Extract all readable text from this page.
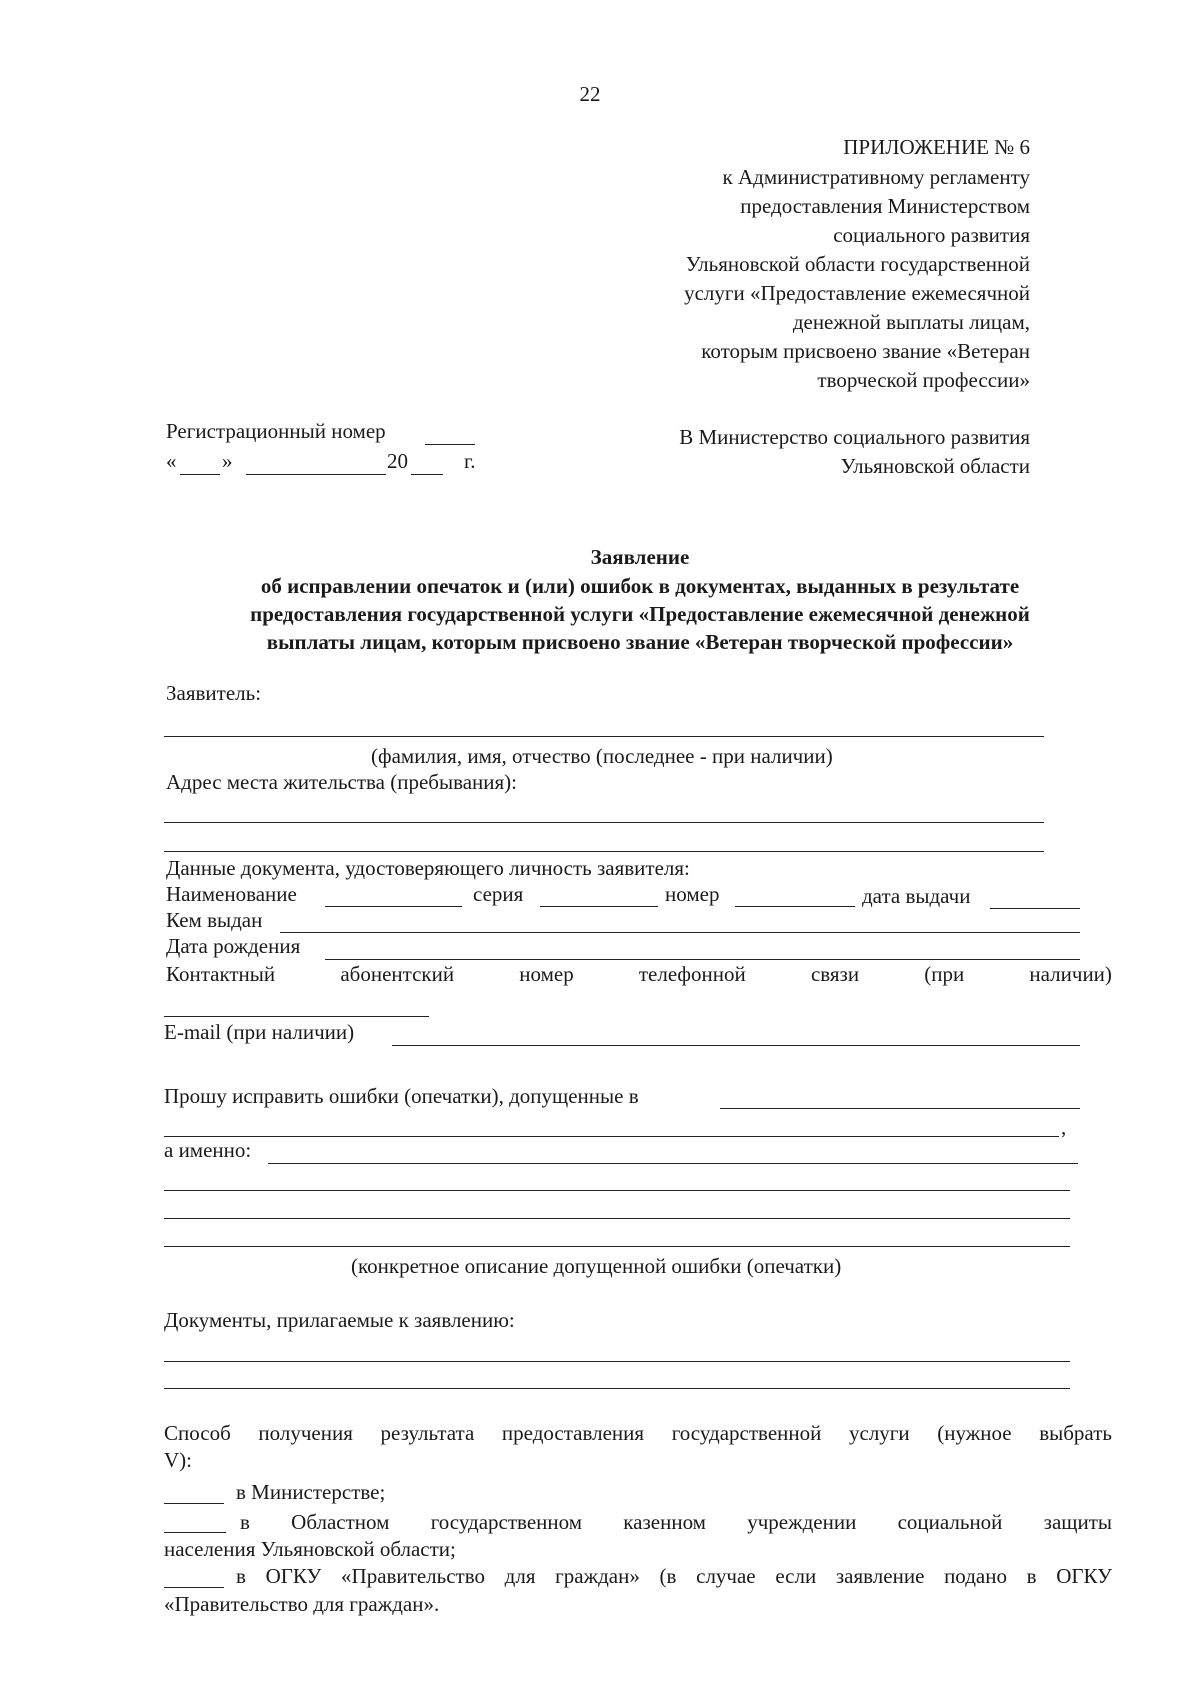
22
ПРИЛОЖЕНИЕ № 6
к Административному регламенту
предоставления Министерством
социального развития
Ульяновской области государственной
услуги «Предоставление ежемесячной
денежной выплаты лицам,
которым присвоено звание «Ветеран
творческой профессии»
Регистрационный номер
« »	20	г.
В Министерство социального развития
Ульяновской области
Заявление
об исправлении опечаток и (или) ошибок в документах, выданных в результате
предоставления государственной услуги «Предоставление ежемесячной денежной
выплаты лицам, которым присвоено звание «Ветеран творческой профессии»
Заявитель:
(фамилия, имя, отчество (последнее - при наличии)
Адрес места жительства (пребывания):
Данные документа, удостоверяющего личность заявителя:
Наименование	серия	номер	дата выдачи
Кем выдан
Дата рождения
Контактный	абонентский	номер	телефонной	связи	(при	наличии)
E-mail (при наличии)
Прошу исправить ошибки (опечатки), допущенные в
,
а именно:
(конкретное описание допущенной ошибки (опечатки)
Документы, прилагаемые к заявлению:
Способ получения результата предоставления государственной услуги (нужное выбрать
V):
в Министерстве;
в Областном государственном казенном учреждении социальной защиты
населения Ульяновской области;
в ОГКУ «Правительство для граждан» (в случае если заявление подано в ОГКУ
«Правительство для граждан».
